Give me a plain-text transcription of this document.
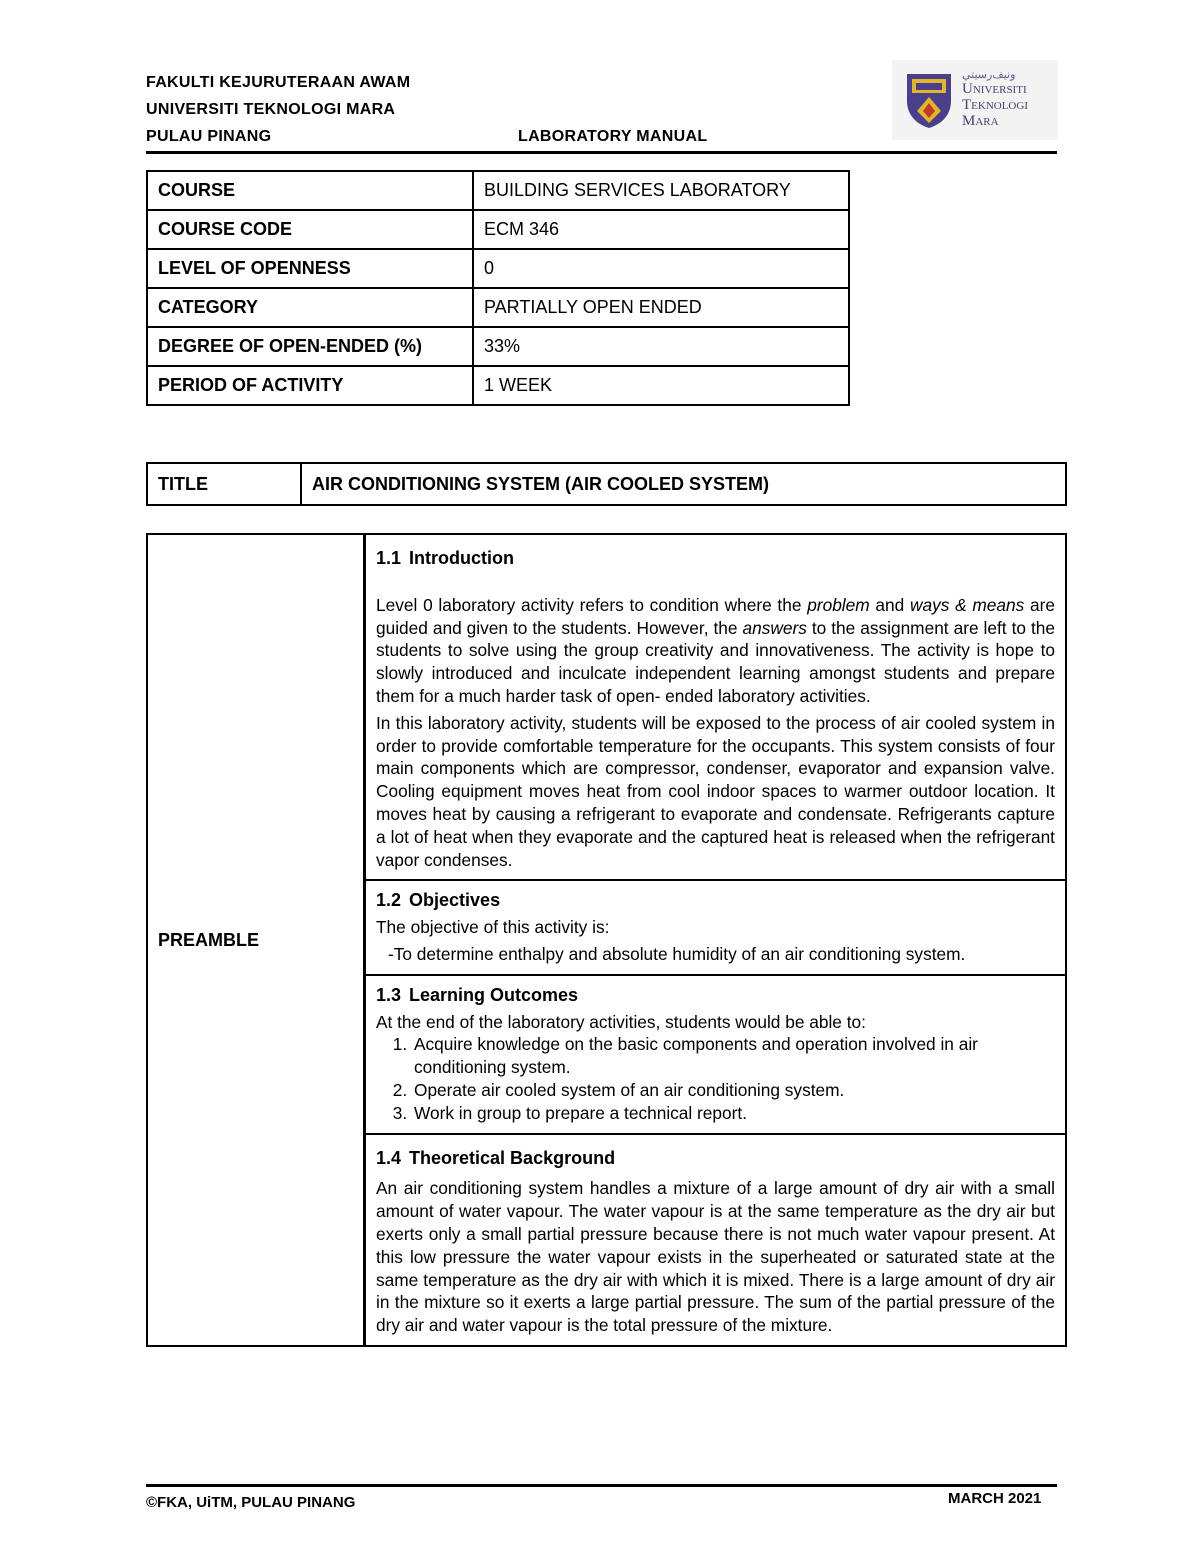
FAKULTI KEJURUTERAAN AWAM
UNIVERSITI TEKNOLOGI MARA
PULAU PINANG	LABORATORY MANUAL
ﻭﻧﻴﻒﺭﺳﻴﺘﻲ
Universiti
Teknologi
Mara
COURSE	BUILDING SERVICES LABORATORY
COURSE CODE	ECM 346
LEVEL OF OPENNESS	0
CATEGORY	PARTIALLY OPEN ENDED
DEGREE OF OPEN-ENDED (%)	33%
PERIOD OF ACTIVITY	1 WEEK
TITLE	AIR CONDITIONING SYSTEM (AIR COOLED SYSTEM)
PREAMBLE	
1.1 Introduction

Level 0 laboratory activity refers to condition where the problem and ways & means are guided and given to the students. However, the answers to the assignment are left to the students to solve using the group creativity and innovativeness. The activity is hope to slowly introduced and inculcate independent learning amongst students and prepare them for a much harder task of open- ended laboratory activities.

In this laboratory activity, students will be exposed to the process of air cooled system in order to provide comfortable temperature for the occupants. This system consists of four main components which are compressor, condenser, evaporator and expansion valve. Cooling equipment moves heat from cool indoor spaces to warmer outdoor location. It moves heat by causing a refrigerant to evaporate and condensate. Refrigerants capture a lot of heat when they evaporate and the captured heat is released when the refrigerant vapor condenses.

1.2 Objectives

The objective of this activity is:

-To determine enthalpy and absolute humidity of an air conditioning system.

1.3 Learning Outcomes

At the end of the laboratory activities, students would be able to:

1. Acquire knowledge on the basic components and operation involved in air conditioning system.
2. Operate air cooled system of an air conditioning system.
3. Work in group to prepare a technical report.

1.4 Theoretical Background

An air conditioning system handles a mixture of a large amount of dry air with a small amount of water vapour. The water vapour is at the same temperature as the dry air but exerts only a small partial pressure because there is not much water vapour present. At this low pressure the water vapour exists in the superheated or saturated state at the same temperature as the dry air with which it is mixed. There is a large amount of dry air in the mixture so it exerts a large partial pressure. The sum of the partial pressure of the dry air and water vapour is the total pressure of the mixture.

©FKA, UiTM, PULAU PINANG	MARCH 2021
